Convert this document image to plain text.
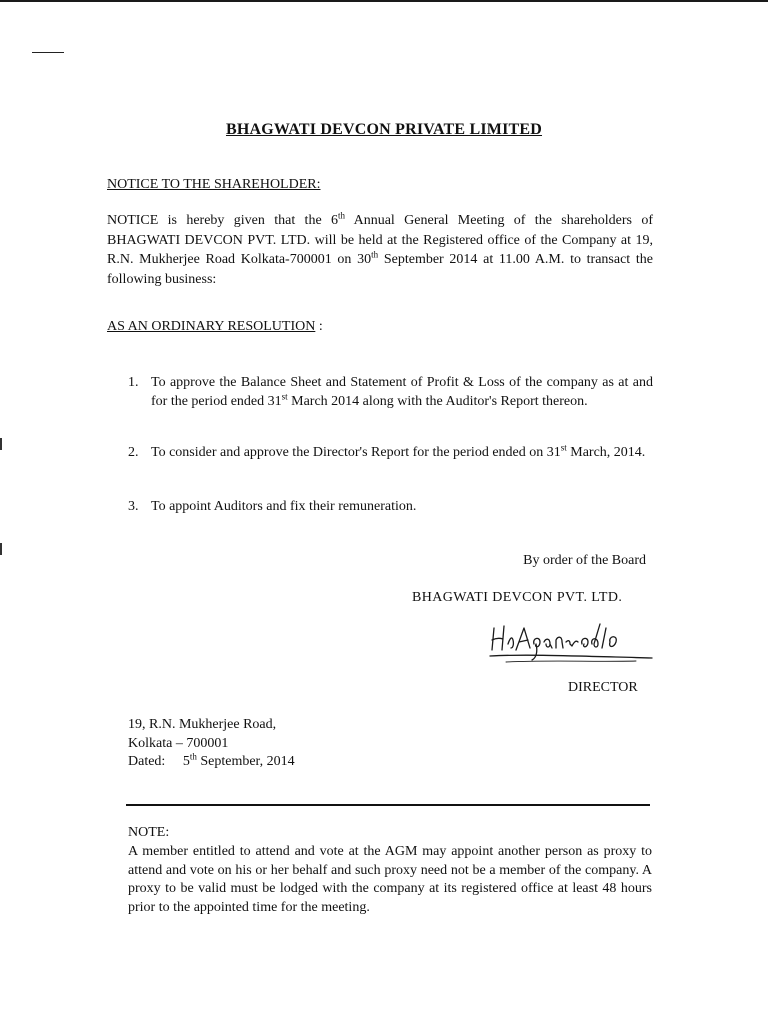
BHAGWATI DEVCON PRIVATE LIMITED
NOTICE TO THE SHAREHOLDER:
NOTICE is hereby given that the 6th Annual General Meeting of the shareholders of BHAGWATI DEVCON PVT. LTD. will be held at the Registered office of the Company at 19, R.N. Mukherjee Road Kolkata-700001 on 30th September 2014 at 11.00 A.M. to transact the following business:
AS AN ORDINARY RESOLUTION :
1. To approve the Balance Sheet and Statement of Profit & Loss of the company as at and for the period ended 31st March 2014 along with the Auditor's Report thereon.
2. To consider and approve the Director's Report for the period ended on 31st March, 2014.
3. To appoint Auditors and fix their remuneration.
By order of the Board
BHAGWATI DEVCON PVT. LTD.
DIRECTOR
19, R.N. Mukherjee Road,
Kolkata – 700001
Dated: 5th September, 2014
NOTE:
A member entitled to attend and vote at the AGM may appoint another person as proxy to attend and vote on his or her behalf and such proxy need not be a member of the company. A proxy to be valid must be lodged with the company at its registered office at least 48 hours prior to the appointed time for the meeting.
